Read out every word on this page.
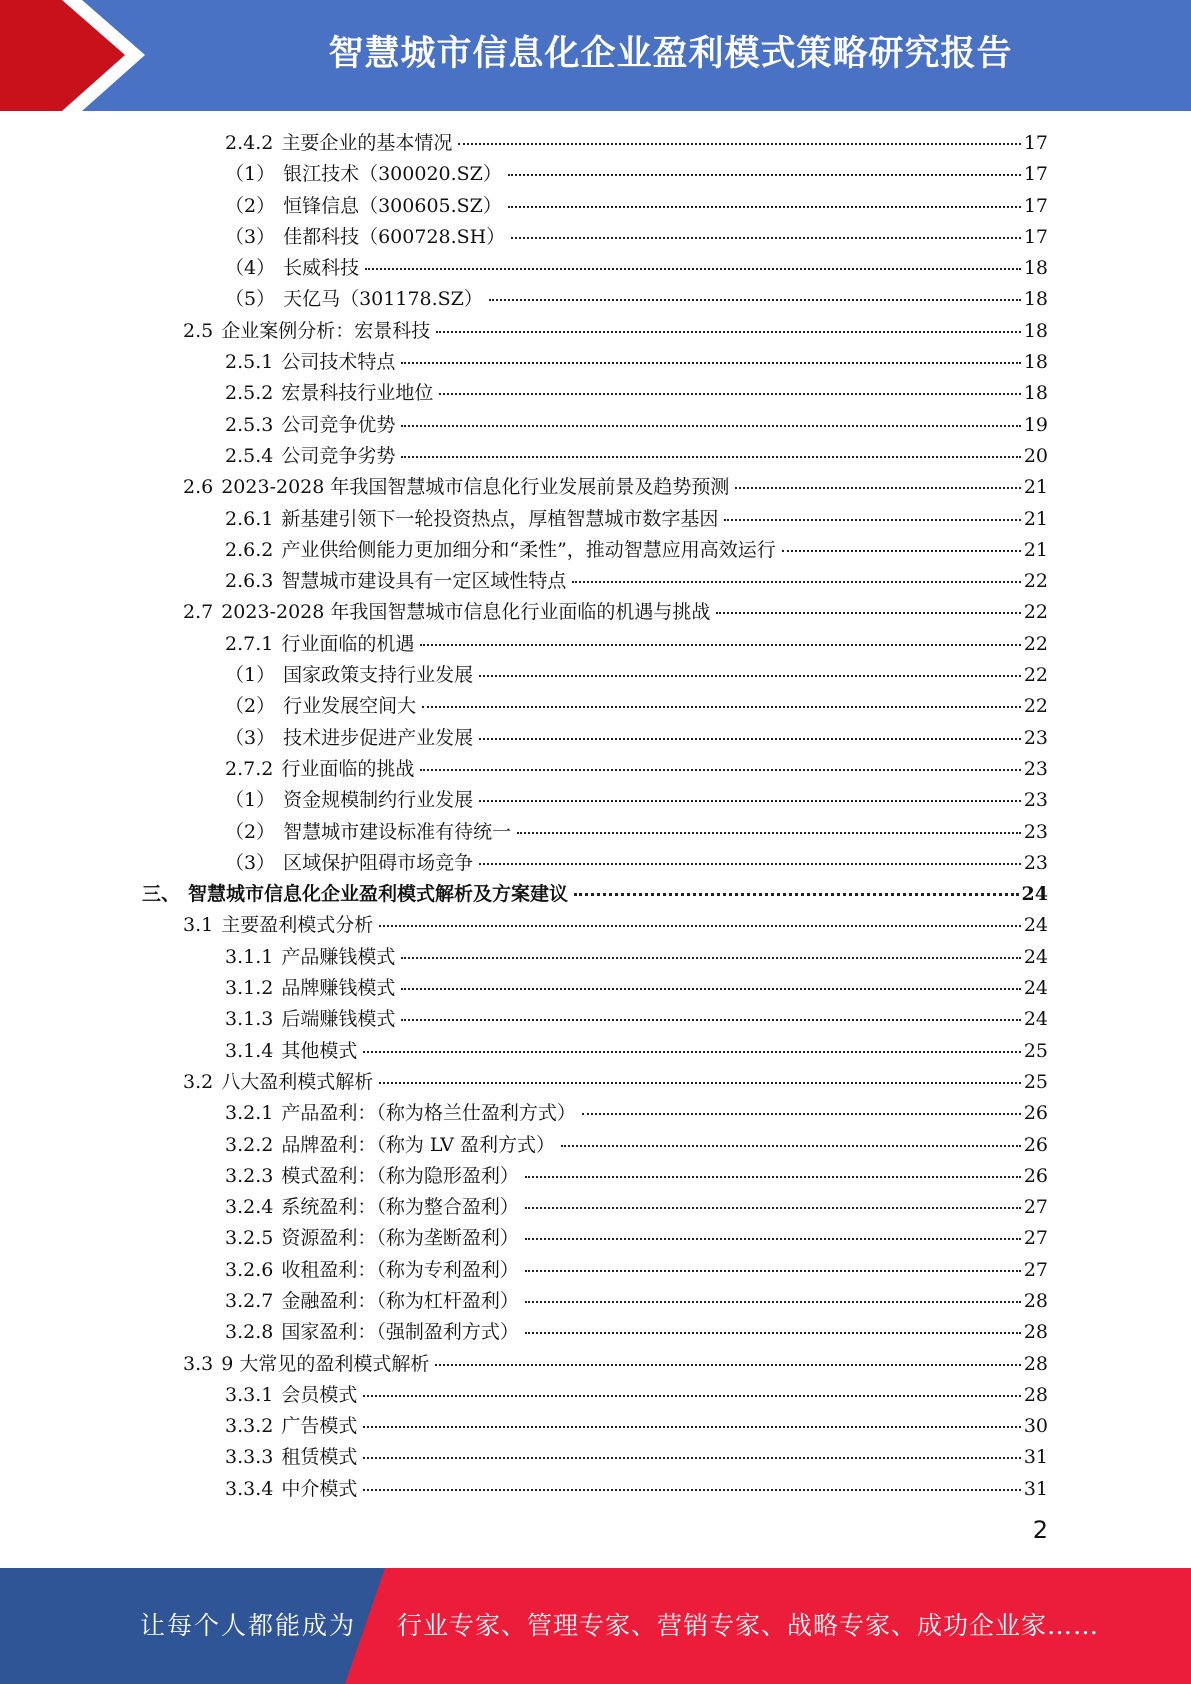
智慧城市信息化企业盈利模式策略研究报告
2.4.2 主要企业的基本情况	17
（1） 银江技术（300020.SZ）	17
（2） 恒锋信息（300605.SZ）	17
（3） 佳都科技（600728.SH）	17
（4） 长威科技	18
（5） 天亿马（301178.SZ）	18
2.5 企业案例分析：宏景科技	18
2.5.1 公司技术特点	18
2.5.2 宏景科技行业地位	18
2.5.3 公司竞争优势	19
2.5.4 公司竞争劣势	20
2.6 2023-2028 年我国智慧城市信息化行业发展前景及趋势预测	21
2.6.1 新基建引领下一轮投资热点，厚植智慧城市数字基因	21
2.6.2 产业供给侧能力更加细分和“柔性”，推动智慧应用高效运行	21
2.6.3 智慧城市建设具有一定区域性特点	22
2.7 2023-2028 年我国智慧城市信息化行业面临的机遇与挑战	22
2.7.1 行业面临的机遇	22
（1） 国家政策支持行业发展	22
（2） 行业发展空间大	22
（3） 技术进步促进产业发展	23
2.7.2 行业面临的挑战	23
（1） 资金规模制约行业发展	23
（2） 智慧城市建设标准有待统一	23
（3） 区域保护阻碍市场竞争	23
三、 智慧城市信息化企业盈利模式解析及方案建议	24
3.1 主要盈利模式分析	24
3.1.1 产品赚钱模式	24
3.1.2 品牌赚钱模式	24
3.1.3 后端赚钱模式	24
3.1.4 其他模式	25
3.2 八大盈利模式解析	25
3.2.1 产品盈利：（称为格兰仕盈利方式）	26
3.2.2 品牌盈利：（称为 LV 盈利方式）	26
3.2.3 模式盈利：（称为隐形盈利）	26
3.2.4 系统盈利：（称为整合盈利）	27
3.2.5 资源盈利：（称为垄断盈利）	27
3.2.6 收租盈利：（称为专利盈利）	27
3.2.7 金融盈利：（称为杠杆盈利）	28
3.2.8 国家盈利：（强制盈利方式）	28
3.3 9 大常见的盈利模式解析	28
3.3.1 会员模式	28
3.3.2 广告模式	30
3.3.3 租赁模式	31
3.3.4 中介模式	31
2
让每个人都能成为 行业专家、管理专家、营销专家、战略专家、成功企业家……
